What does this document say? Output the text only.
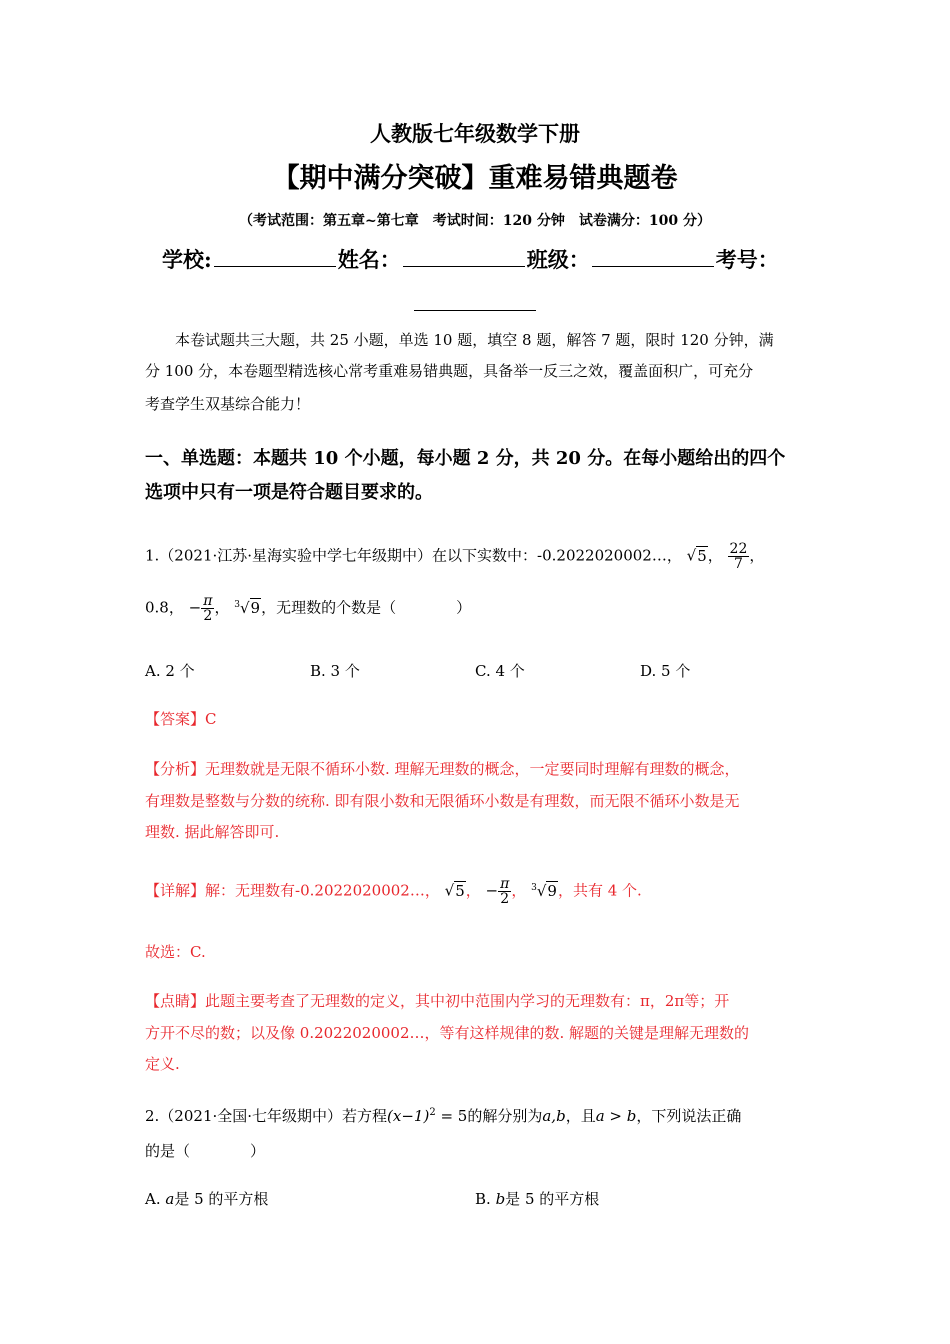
人教版七年级数学下册
【期中满分突破】重难易错典题卷
（考试范围：第五章~第七章　考试时间：120 分钟　试卷满分：100 分）
学校:	姓名：	班级：	考号：
本卷试题共三大题，共 25 小题，单选 10 题，填空 8 题，解答 7 题，限时 120 分钟，满
分 100 分，本卷题型精选核心常考重难易错典题，具备举一反三之效，覆盖面积广，可充分
考查学生双基综合能力！
一、单选题：本题共 10 个小题，每小题 2 分，共 20 分。在每小题给出的四个
选项中只有一项是符合题目要求的。
1.（2021·江苏·星海实验中学七年级期中）在以下实数中：-0.2022020002…， √5， $\frac{22}{7}$ ，
0.8， − $\frac{\pi}{2}$ ， $^3$√9，无理数的个数是（　　　　）
A. 2 个	B. 3 个	C. 4 个	D. 5 个
【答案】C
【分析】无理数就是无限不循环小数. 理解无理数的概念，一定要同时理解有理数的概念，
有理数是整数与分数的统称. 即有限小数和无限循环小数是有理数，而无限不循环小数是无
理数. 据此解答即可.
【详解】解：无理数有-0.2022020002…， √5， − $\frac{\pi}{2}$ ， $^3$√9，共有 4 个.
故选：C.
【点睛】此题主要考查了无理数的定义，其中初中范围内学习的无理数有：π，2π等；开
方开不尽的数；以及像 0.2022020002…，等有这样规律的数. 解题的关键是理解无理数的
定义.
2.（2021·全国·七年级期中）若方程$(x-1)^2 = 5$的解分别为a,b，且a > b，下列说法正确
的是（　　　　）
A. a是 5 的平方根	B. b是 5 的平方根
